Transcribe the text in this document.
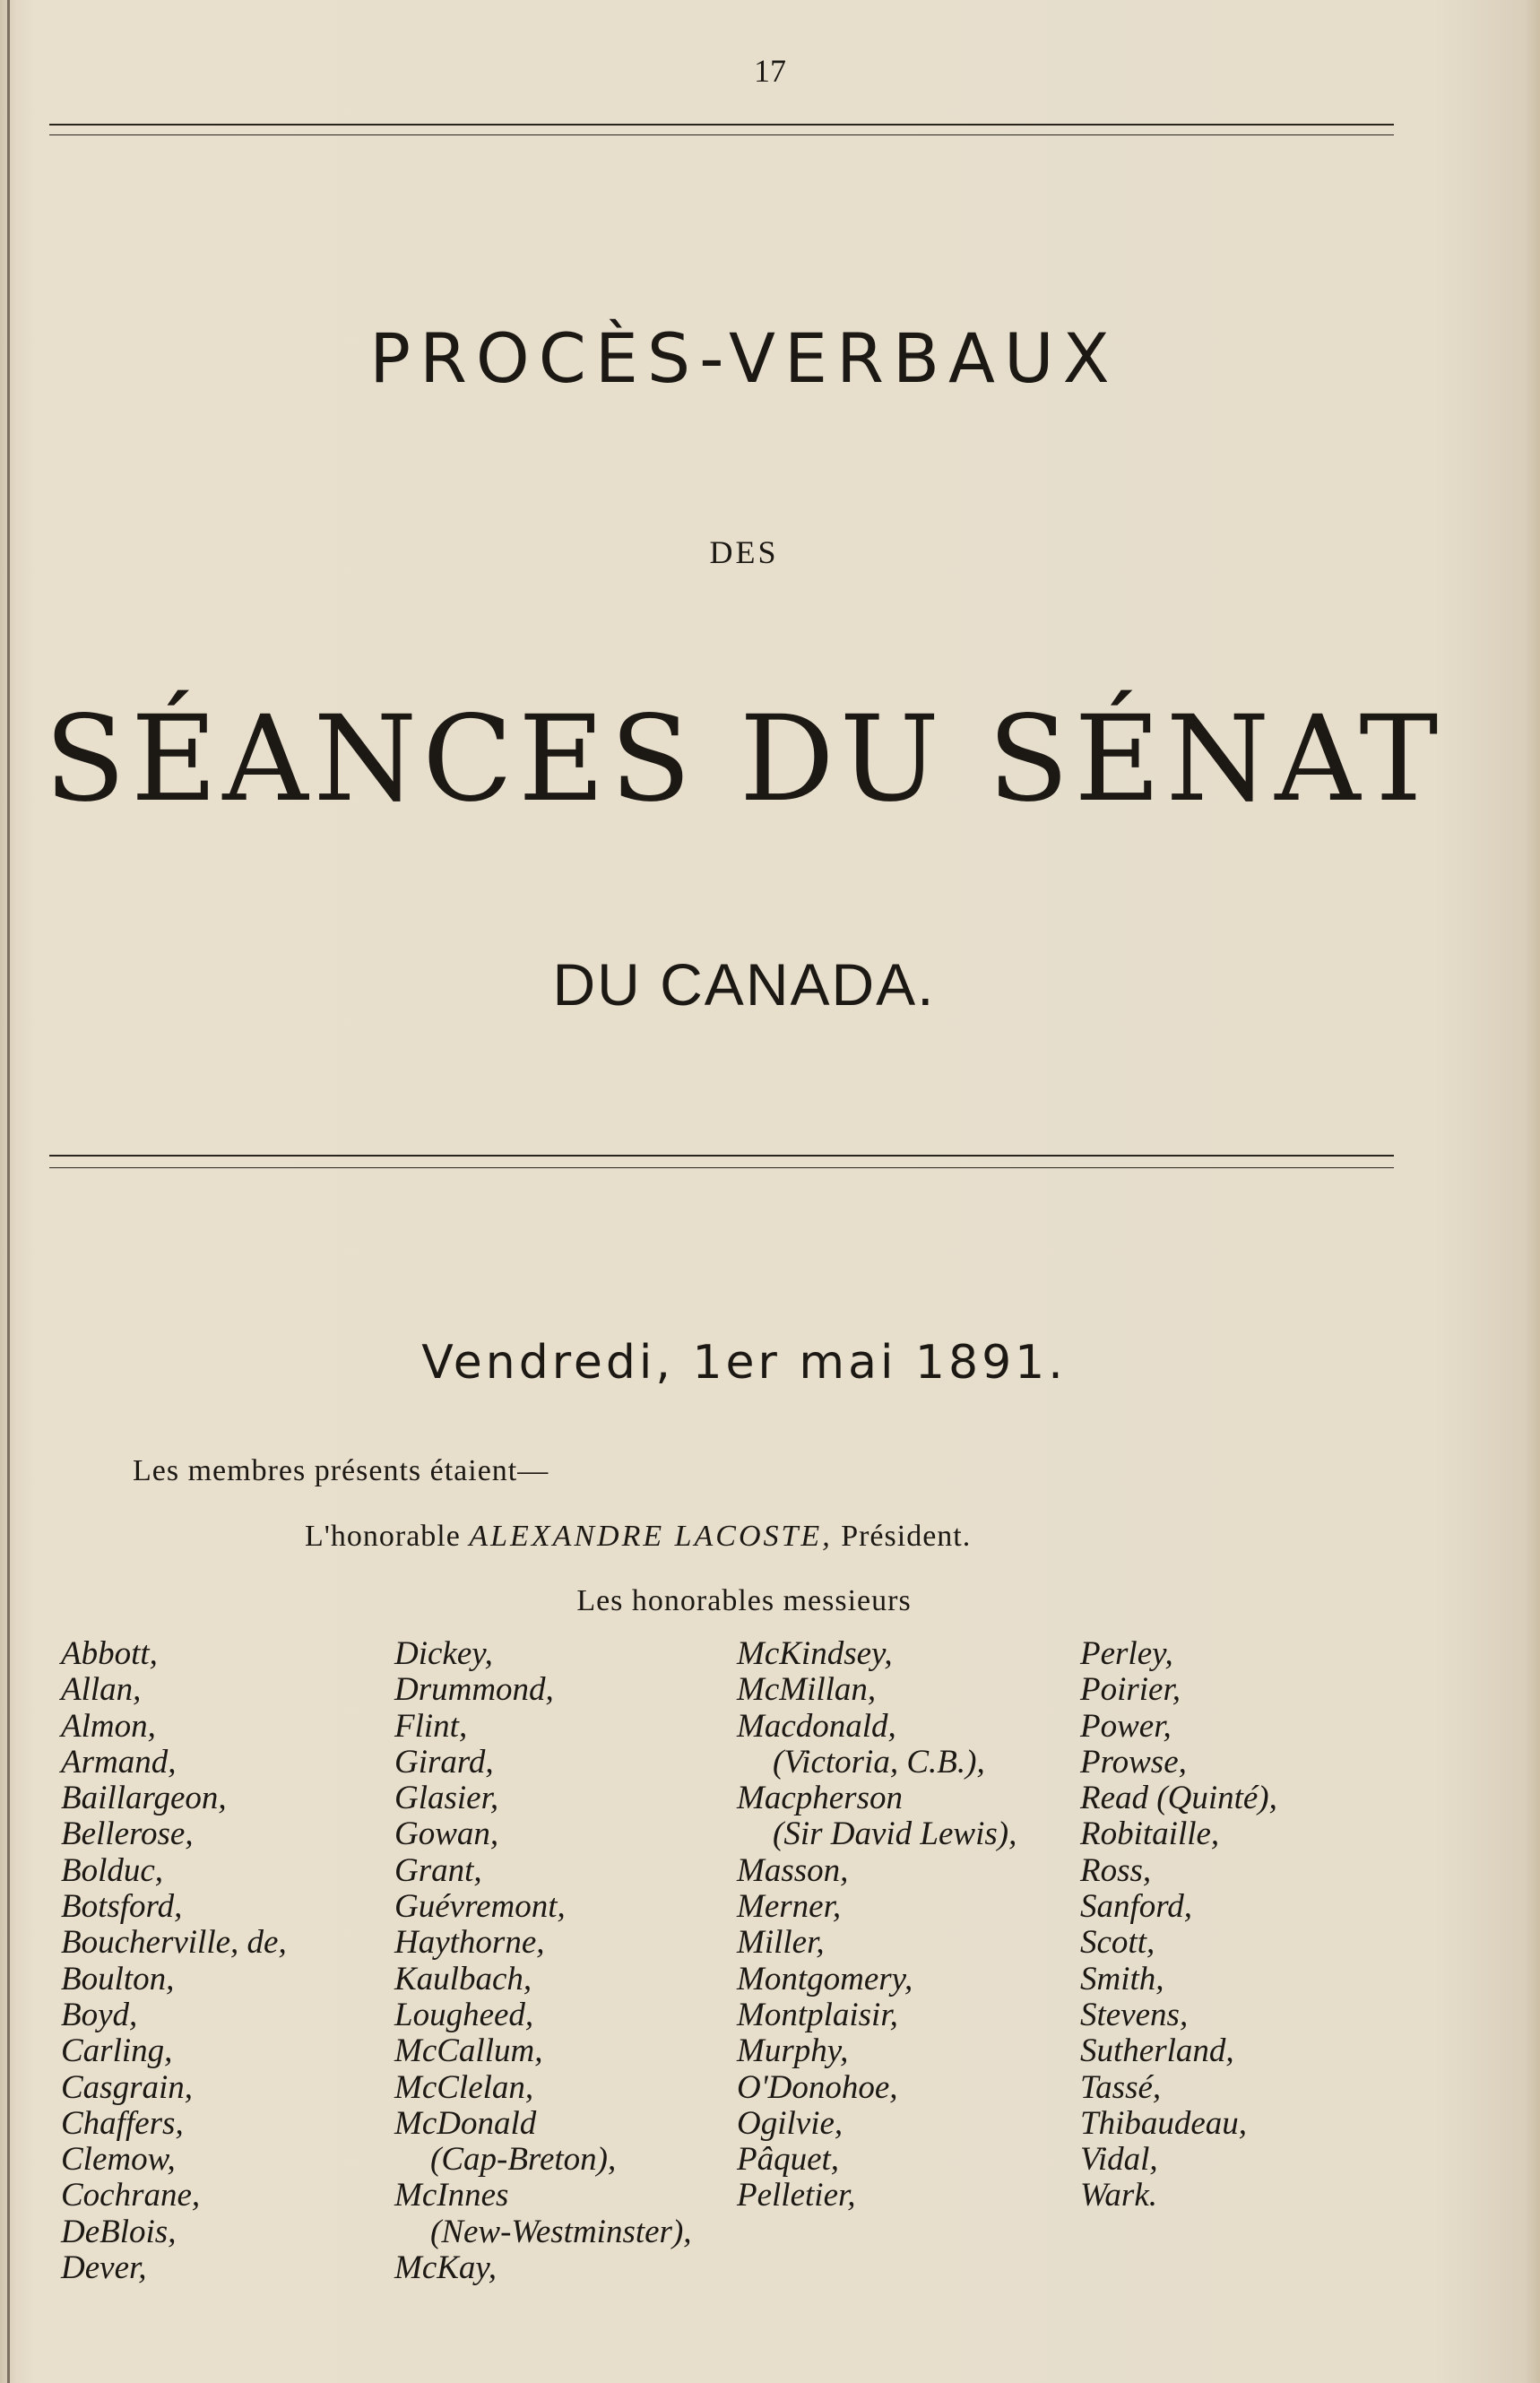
17
PROCÈS-VERBAUX
DES
SÉANCES DU SÉNAT
DU CANADA.
Vendredi, 1er mai 1891.
Les membres présents étaient—
L'honorable ALEXANDRE LACOSTE, Président.
Les honorables messieurs
Abbott,
Allan,
Almon,
Armand,
Baillargeon,
Bellerose,
Bolduc,
Botsford,
Boucherville, de,
Boulton,
Boyd,
Carling,
Casgrain,
Chaffers,
Clemow,
Cochrane,
DeBlois,
Dever,
Dickey,
Drummond,
Flint,
Girard,
Glasier,
Gowan,
Grant,
Guévremont,
Haythorne,
Kaulbach,
Lougheed,
McCallum,
McClelan,
McDonald
(Cap-Breton),
McInnes
(New-Westminster),
McKay,
McKindsey,
McMillan,
Macdonald,
(Victoria, C.B.),
Macpherson
(Sir David Lewis),
Masson,
Merner,
Miller,
Montgomery,
Montplaisir,
Murphy,
O'Donohoe,
Ogilvie,
Pâquet,
Pelletier,
Perley,
Poirier,
Power,
Prowse,
Read (Quinté),
Robitaille,
Ross,
Sanford,
Scott,
Smith,
Stevens,
Sutherland,
Tassé,
Thibaudeau,
Vidal,
Wark.
